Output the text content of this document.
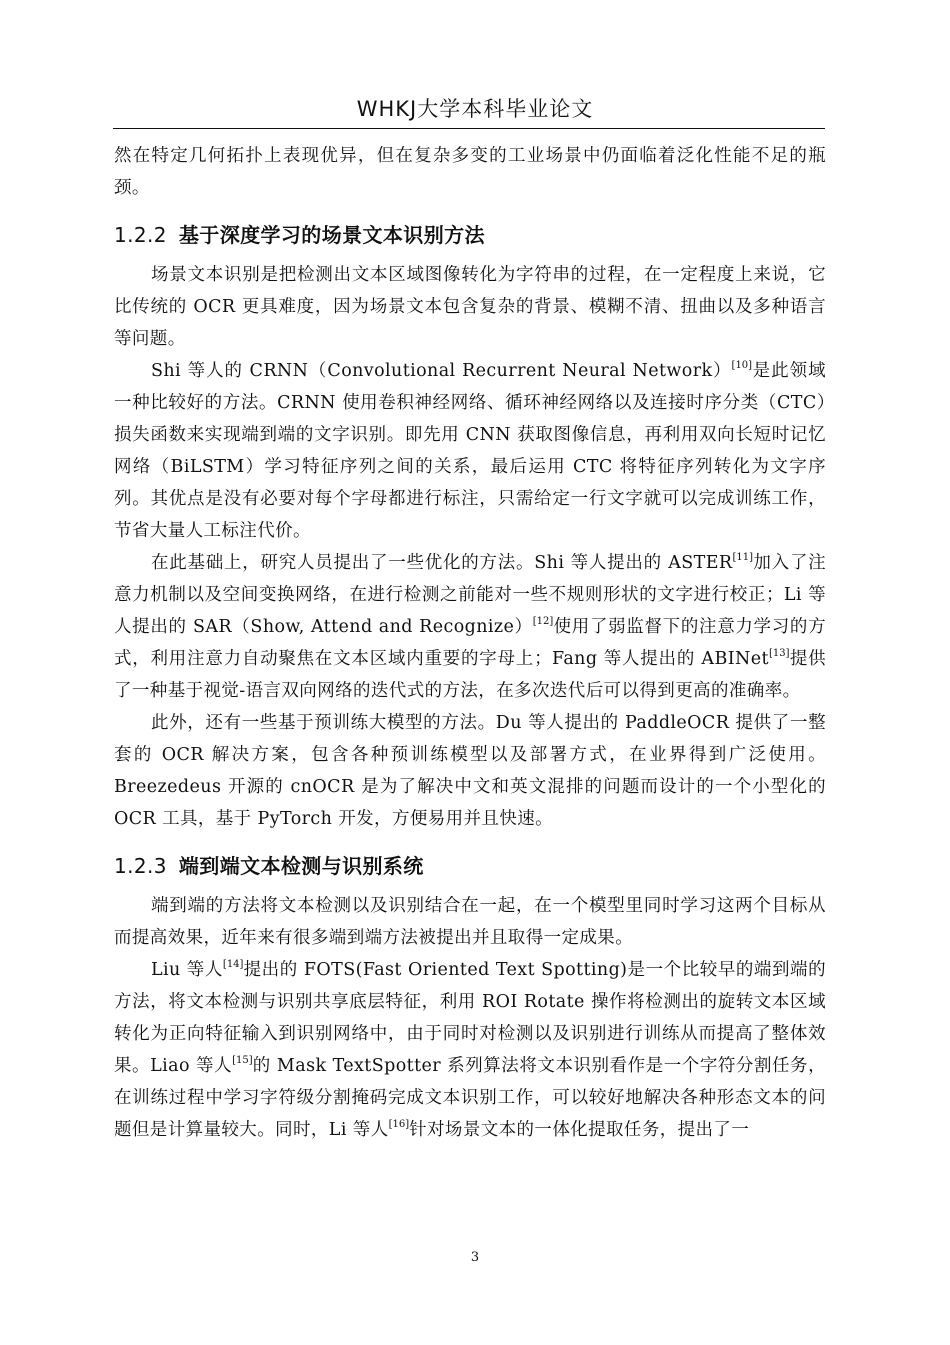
WHKJ大学本科毕业论文

然在特定几何拓扑上表现优异，但在复杂多变的工业场景中仍面临着泛化性能不足的瓶颈。

1.2.2 基于深度学习的场景文本识别方法

场景文本识别是把检测出文本区域图像转化为字符串的过程，在一定程度上来说，它比传统的 OCR 更具难度，因为场景文本包含复杂的背景、模糊不清、扭曲以及多种语言等问题。

Shi 等人的 CRNN（Convolutional Recurrent Neural Network）[10]是此领域一种比较好的方法。CRNN 使用卷积神经网络、循环神经网络以及连接时序分类（CTC）损失函数来实现端到端的文字识别。即先用 CNN 获取图像信息，再利用双向长短时记忆网络（BiLSTM）学习特征序列之间的关系，最后运用 CTC 将特征序列转化为文字序列。其优点是没有必要对每个字母都进行标注，只需给定一行文字就可以完成训练工作，节省大量人工标注代价。

在此基础上，研究人员提出了一些优化的方法。Shi 等人提出的 ASTER[11]加入了注意力机制以及空间变换网络，在进行检测之前能对一些不规则形状的文字进行校正；Li 等人提出的 SAR（Show, Attend and Recognize）[12]使用了弱监督下的注意力学习的方式，利用注意力自动聚焦在文本区域内重要的字母上；Fang 等人提出的 ABINet[13]提供了一种基于视觉-语言双向网络的迭代式的方法，在多次迭代后可以得到更高的准确率。

此外，还有一些基于预训练大模型的方法。Du 等人提出的 PaddleOCR 提供了一整套的 OCR 解决方案，包含各种预训练模型以及部署方式，在业界得到广泛使用。Breezedeus 开源的 cnOCR 是为了解决中文和英文混排的问题而设计的一个小型化的 OCR 工具，基于 PyTorch 开发，方便易用并且快速。

1.2.3 端到端文本检测与识别系统

端到端的方法将文本检测以及识别结合在一起，在一个模型里同时学习这两个目标从而提高效果，近年来有很多端到端方法被提出并且取得一定成果。

Liu 等人[14]提出的 FOTS(Fast Oriented Text Spotting)是一个比较早的端到端的方法，将文本检测与识别共享底层特征，利用 ROI Rotate 操作将检测出的旋转文本区域转化为正向特征输入到识别网络中，由于同时对检测以及识别进行训练从而提高了整体效果。Liao 等人[15]的 Mask TextSpotter 系列算法将文本识别看作是一个字符分割任务，在训练过程中学习字符级分割掩码完成文本识别工作，可以较好地解决各种形态文本的问题但是计算量较大。同时，Li 等人[16]针对场景文本的一体化提取任务，提出了一

3
